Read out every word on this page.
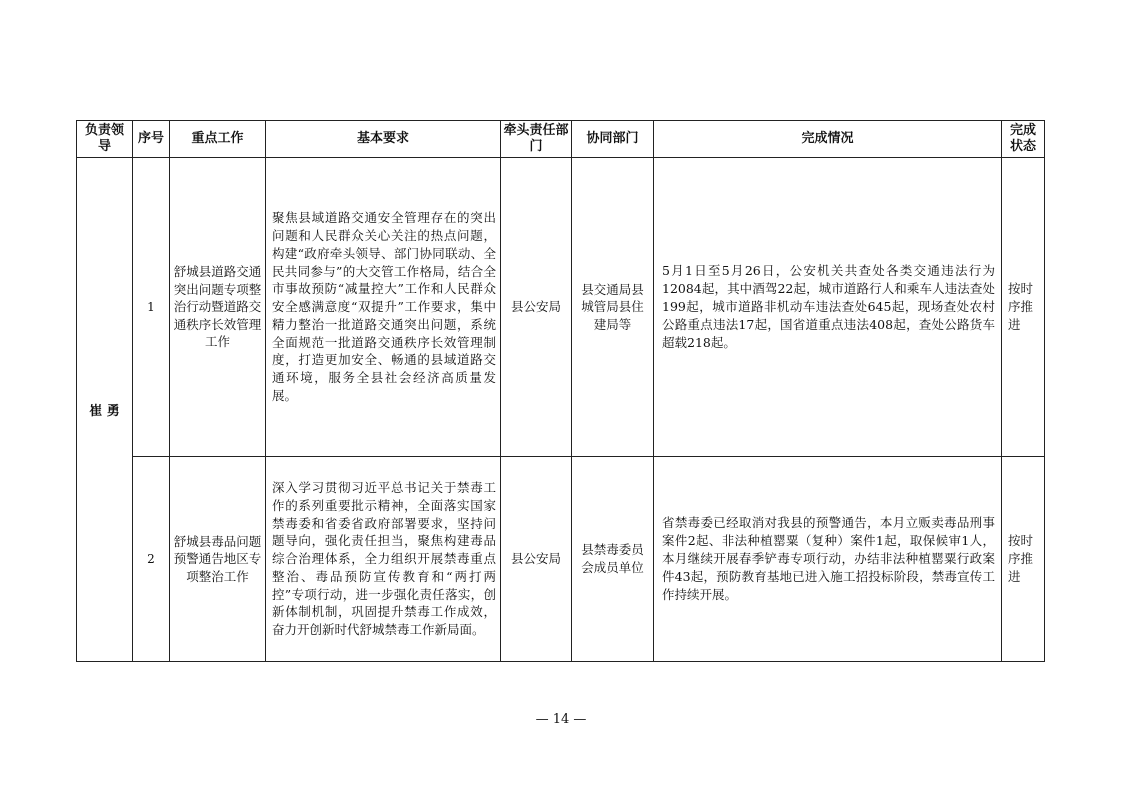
负责领导	序号	重点工作	基本要求	牵头责任部门	协同部门	完成情况	完成状态

崔 勇	1	舒城县道路交通突出问题专项整治行动暨道路交通秩序长效管理工作	聚焦县域道路交通安全管理存在的突出问题和人民群众关心关注的热点问题，构建“政府牵头领导、部门协同联动、全民共同参与”的大交管工作格局，结合全市事故预防“减量控大”工作和人民群众安全感满意度“双提升”工作要求，集中精力整治一批道路交通突出问题，系统全面规范一批道路交通秩序长效管理制度，打造更加安全、畅通的县域道路交通环境，服务全县社会经济高质量发展。	县公安局	县交通局县城管局县住建局等	5月1日至5月26日，公安机关共查处各类交通违法行为12084起，其中酒驾22起，城市道路行人和乘车人违法查处199起，城市道路非机动车违法查处645起，现场查处农村公路重点违法17起，国省道重点违法408起，查处公路货车超载218起。	按时序推进

	2	舒城县毒品问题预警通告地区专项整治工作	深入学习贯彻习近平总书记关于禁毒工作的系列重要批示精神，全面落实国家禁毒委和省委省政府部署要求，坚持问题导向，强化责任担当，聚焦构建毒品综合治理体系，全力组织开展禁毒重点整治、毒品预防宣传教育和“两打两控”专项行动，进一步强化责任落实，创新体制机制，巩固提升禁毒工作成效，奋力开创新时代舒城禁毒工作新局面。	县公安局	县禁毒委员会成员单位	省禁毒委已经取消对我县的预警通告，本月立贩卖毒品刑事案件2起、非法种植罂粟（复种）案件1起，取保候审1人，本月继续开展春季铲毒专项行动，办结非法种植罂粟行政案件43起，预防教育基地已进入施工招投标阶段，禁毒宣传工作持续开展。	按时序推进
— 14 —
